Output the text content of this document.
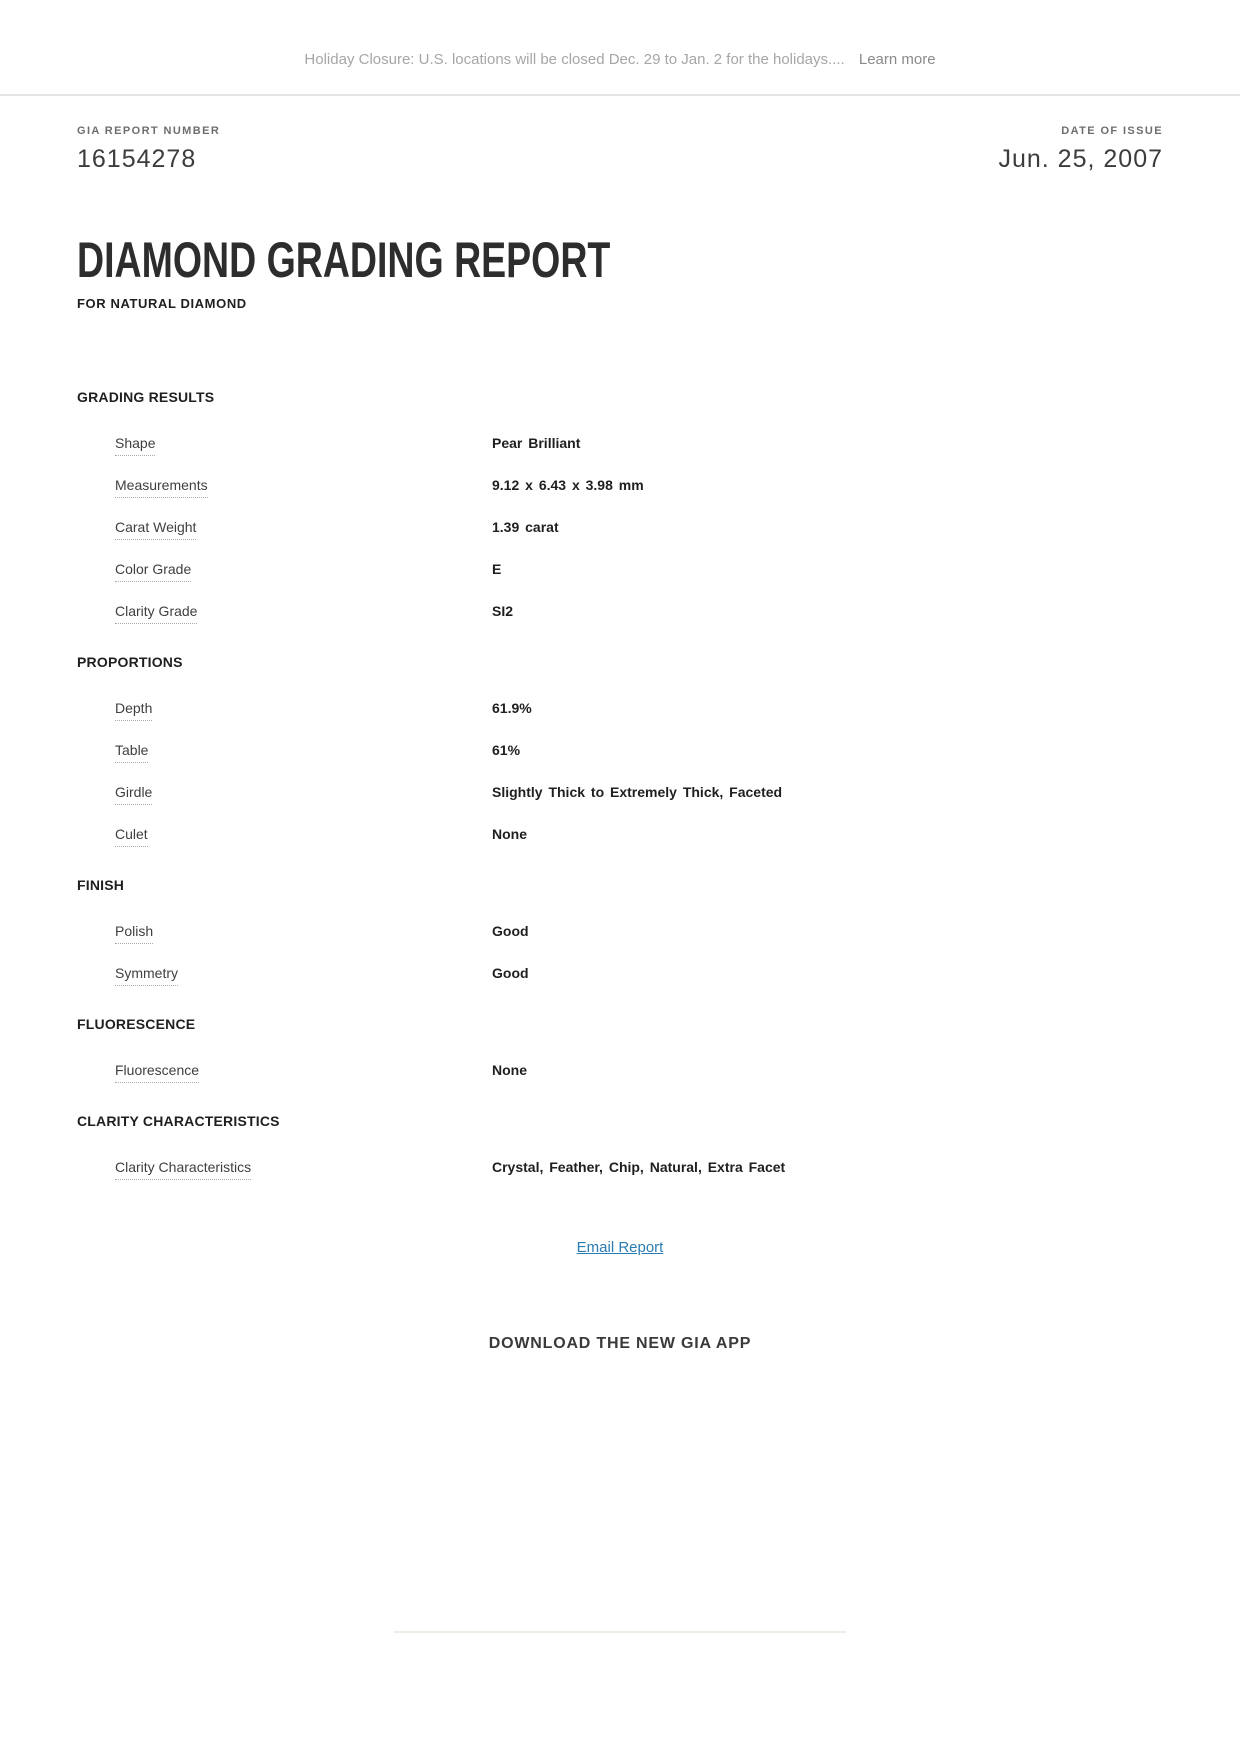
Holiday Closure: U.S. locations will be closed Dec. 29 to Jan. 2 for the holidays.... Learn more

GIA REPORT NUMBER
16154278
DATE OF ISSUE
Jun. 25, 2007
DIAMOND GRADING REPORT
FOR NATURAL DIAMOND
GRADING RESULTS
Shape	Pear Brilliant
Measurements	9.12 x 6.43 x 3.98 mm
Carat Weight	1.39 carat
Color Grade	E
Clarity Grade	SI2
PROPORTIONS
Depth	61.9%
Table	61%
Girdle	Slightly Thick to Extremely Thick, Faceted
Culet	None
FINISH
Polish	Good
Symmetry	Good
FLUORESCENCE
Fluorescence	None
CLARITY CHARACTERISTICS
Clarity Characteristics	Crystal, Feather, Chip, Natural, Extra Facet
Email Report
DOWNLOAD THE NEW GIA APP
